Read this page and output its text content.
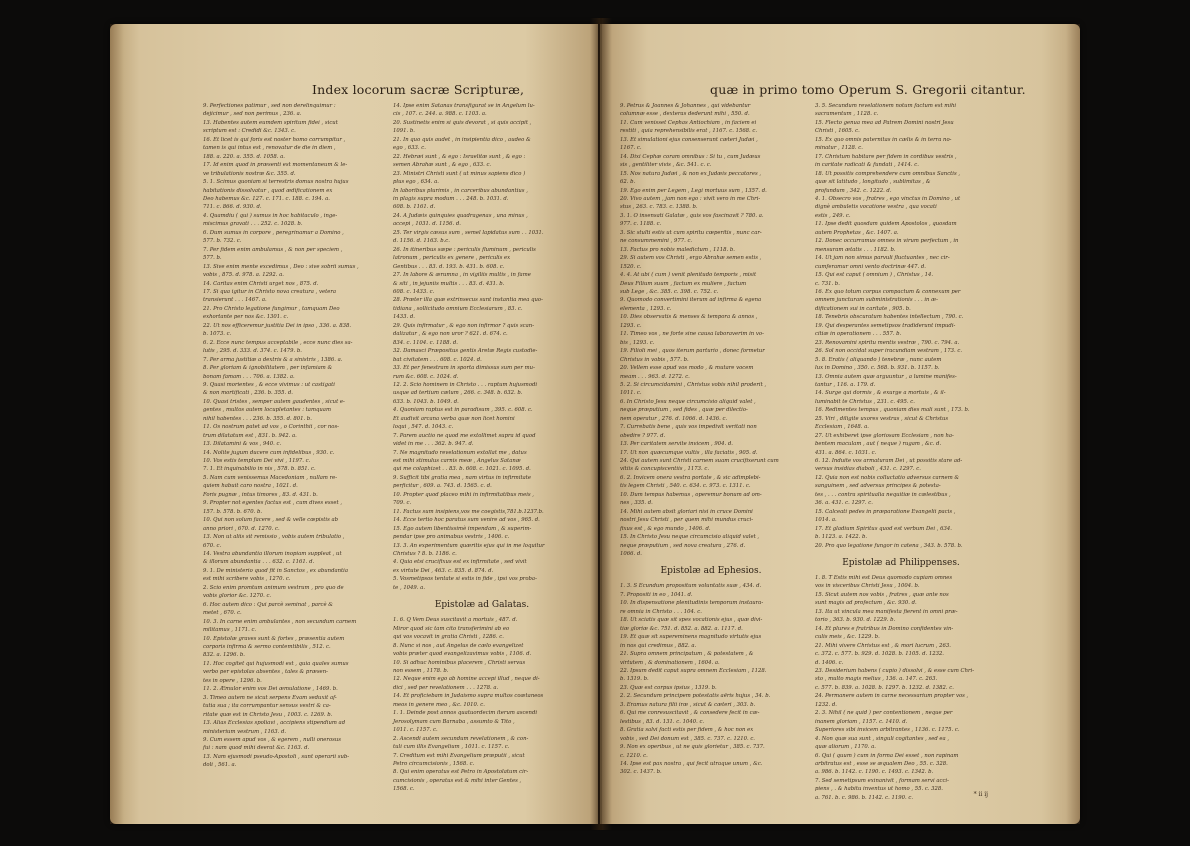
Index locorum sacræ Scripturæ,
9. Perfectiones patimur , sed non derelinquimur :
dejicimur , sed non perimus , 236. a.
13. Habentes autem eumdem spiritum fidei , sicut
scriptum est : Credidi &c. 1343. c.
16. Et licet is qui foris est noster homo corrumpitur ,
tamen is qui intus est , renovatur de die in diem ,
188. a. 220. a. 355. d. 1058. a.
17. Id enim quod in præsenti est momentaneum & le-
ve tribulationis nostræ &c. 355. d.
5. 1. Scimus quoniam si terrestris domus nostra hujus
habitationis dissolvatur , quod ædificationem ex
Deo habemus &c. 127. c. 171. c. 188. c. 194. a.
711. c. 866. d. 930. d.
4. Quamdiu ( qui ) sumus in hoc habitaculo , inge-
miscimus gravati . . . 252. c. 1028. b.
6. Dum sumus in corpore , peregrinamur a Domino ,
577. b. 732. c.
7. Per fidem enim ambulamus , & non per speciem ,
577. b.
13. Sive enim mente excedimus , Deo : sive sobrii sumus ,
vobis , 875. d. 978. a. 1292. a.
14. Caritas enim Christi urget nos , 875. d.
17. Si qua igitur in Christo nova creatura , vetera
transierunt . . . 1467. a.
21. Pro Christo legatione fungimur , tamquam Deo
exhortante per nos &c. 1301. c.
22. Ut nos efficeremur justitia Dei in ipso , 336. a. 838.
b. 1073. c.
6. 2. Ecce nunc tempus acceptabile , ecce nunc dies sa-
lutis , 295. d. 333. d. 374. c. 1479. b.
7. Per arma justitiæ a dextris & a sinistris , 1386. a.
8. Per gloriam & ignobilitatem , per infamiam &
bonam famam . . . 706. a. 1382. a.
9. Quasi morientes , & ecce vivimus : ut castigati
& non mortificati , 236. b. 355. d.
10. Quasi tristes , semper autem gaudentes , sicut e-
gentes , multos autem locupletantes : tamquam
nihil habentes . . . 236. b. 355. d. 801. b.
11. Os nostrum patet ad vos , o Corinthii , cor nos-
trum dilatatum est , 831. b. 942. a.
13. Dilatamini & vos , 940. c.
14. Nolite jugum ducere cum infidelibus , 930. c.
10. Vos estis templum Dei vivi , 1197. c.
7. 1. Et inquinabilio in nis , 578. b. 851. c.
5. Nam cum venissemus Macedoniam , nullam re-
quiem habuit caro nostra , 1021. d.
Foris pugnæ , intus timores , 83. d. 431. b.
9. Propter not egentes factus est , cum dives esset ,
157. b. 578. b. 670. b.
10. Qui non solum facere , sed & velle cœpistis ab
anno priori , 670. d. 1270. c.
13. Non ut aliis sit remissio , vobis autem tribulatio ,
670. c.
14. Vestra abundantia illorum inopiam suppleat , ut
& illorum abundantia . . . 632. c. 1161. d.
9. 1. De ministerio quod fit in Sanctos , ex abundantia
est mihi scribere vobis , 1270. c.
2. Scio enim promtum animum vestrum , pro quo de
vobis glorior &c. 1270. c.
6. Hoc autem dico : Qui parcè seminat , parcè &
metet , 670. c.
10. 3. In carne enim ambulantes , non secundum carnem
militamus , 1171. c.
10. Epistolæ graves sunt & fortes , præsentia autem
corporis infirma & sermo contemtibilis , 512. c.
832. a. 1296. b.
11. Hoc cogitet qui hujusmodi est , quia quales sumus
verbo per epistolas absentes , tales & præsen-
tes in opere , 1296. b.
11. 2. Æmulor enim vos Dei æmulatione , 1469. b.
3. Timeo autem ne sicut serpens Evam seduxit af-
tutia sua ; ita corrumpantur sensus vestri & ca-
ritate quæ est in Christo Jesu , 1003. c. 1269. b.
13. Alias Ecclesias spoliavi , accipiens stipendium ad
ministerium vestrum , 1163. d.
9. Cum essem apud vos , & egerem , nulli onerosus
fui : nam quod mihi deerat &c. 1163. d.
13. Nam ejusmodi pseudo-Apostoli , sunt operarii sub-
doli , 561. a.
14. Ipse enim Satanas transfigurat se in Angelum lu-
cis , 107. c. 244. a. 988. c. 1103. a.
20. Sustinetis enim si quis devorat , si quis accipit ,
1091. b.
21. In quo quis audet , in insipientia dico , audeo &
ego , 633. c.
22. Hebræi sunt , & ego : Israelitæ sunt , & ego :
semen Abrahæ sunt , & ego , 633. c.
23. Ministri Christi sunt ( ut minus sapiens dico )
plus ego , 634. a.
In laboribus plurimis , in carceribus abundantius ,
in plagis supra modum . . . 248. b. 1031. d.
608. b. 1161. d.
24. A Judæis quinquies quadragenas , una minus ,
accepi , 1031. d. 1156. d.
25. Ter virgis cæsus sum , semel lapidatus sum . . 1031.
d. 1156. d. 1163. b.c.
26. In itineribus sæpe : periculis fluminum , periculis
latronum , periculis ex genere , periculis ex
Gentibus . . . 83. d. 193. b. 431. b. 608. c.
27. In labore & ærumna , in vigiliis multis , in fame
& siti , in jejuniis multis . . . 83. d. 431. b.
608. c. 1433. c.
28. Præter illa quæ extrinsecus sunt instantia mea quo-
tidiana , sollicitudo omnium Ecclesiarum , 83. c.
1433. d.
29. Quis infirmatur , & ego non infirmor ? quis scan-
dalizatur , & ego non uror ? 621. d. 674. c.
834. c. 1104. c. 1188. d.
32. Damasci Præpositus gentis Aretæ Regis custodie-
bat civitatem . . . 608. c. 1024. d.
33. Et per fenestram in sporta dimissus sum per mu-
rum &c. 608. c. 1024. d.
12. 2. Scio hominem in Christo . . . raptum hujusmodi
usque ad tertium cælum , 266. c. 348. b. 632. b.
633. b. 1043. b. 1049. d.
4. Quoniam raptus est in paradisum , 395. c. 608. c.
Et audivit arcana verba quæ non licet homini
loqui , 547. d. 1043. c.
7. Parem auctio ne quod me extollimet supra id quod
videt in me . . . 362. b. 947. d.
7. Ne magnitudo revelationum extollat me , datus
est mihi stimulus carnis meæ , Angelus Satanæ
qui me colaphizet . . 83. b. 608. c. 1021. c. 1095. d.
9. Sufficit tibi gratia mea , nam virtus in infirmitate
perficitur , 609. a. 743. d. 1565. c. d.
10. Propter quod placeo mihi in infirmitatibus meis ,
709. c.
11. Factus sum insipiens,vos me coegistis,781.b.1237.b.
14. Ecce tertio hoc paratus sum venire ad vos , 965. d.
15. Ego autem libentissimè impendam , & superim-
pendar ipse pro animabus vestris , 1406. c.
13. 3. An experimentum quæritis ejus qui in me loquitur
Christus ? 8. b. 1186. c.
4. Quia etsi crucifixus est ex infirmitate , sed vivit
ex virtute Dei , 463. c. 835. d. 874. d.
5. Vosmetipsos tentate si estis in fide , ipsi vos proba-
te , 1049. a.
Epistolæ ad Galatas.
1. 6. Q Vem Deus suscitavit a mortuis , 487. d.
Miror quod sic tam cito transferimini ab eo
qui vos vocavit in gratia Christi , 1286. c.
8. Nunc si nos , aut Angelus de cælo evangelizet
vobis præter quod evangelizavimus vobis , 1106. d.
10. Si adhuc hominibus placerem , Christi servus
non essem , 1178. b.
12. Neque enim ego ab homine accepi illud , neque di-
dici , sed per revelationem . . . 1278. a.
14. Et proficiebam in Judaismo supra multos coætaneos
meos in genere meo , &c. 1010. c.
1. 1. Deinde post annos quatuordecim iterum ascendi
Jerosolymam cum Barnaba , assumto & Tito ,
1011. c. 1157. c.
2. Ascendi autem secundum revelationem , & con-
tuli cum illis Evangelium , 1011. c. 1157. c.
7. Creditum est mihi Evangelium præputii , sicut
Petro circumcisionis , 1568. c.
8. Qui enim operatus est Petro in Apostolatum cir-
cumcisionis , operatus est & mihi inter Gentes ,
1568. c.
quæ in primo tomo Operum S. Gregorii citantur.
9. Petrus & Joannes & Johannes , qui videbantur
columnæ esse , dexteras dederunt mihi , 550. d.
11. Cum venisset Cephas Antiochiam , in faciem ei
restiti , quia reprehensibilis erat , 1167. c. 1568. c.
13. Et simulationi ejus consenserunt cæteri Judæi ,
1167. c.
14. Dixi Cephæ coram omnibus : Si tu , cum Judæus
sis , gentiliter vivis , &c. 541. c. c.
15. Nos natura Judæi , & non ex Judæis peccatores ,
62. b.
19. Ego enim per Legem , Legi mortuus sum , 1357. d.
20. Vivo autem , jam non ego : vivit vero in me Chri-
stus , 263. c. 783. c. 1388. b.
3. 1. O insensati Galatæ , quis vos fascinavit ? 780. a.
977. c. 1188. c.
3. Sic stulti estis ut cum spiritu cœperitis , nunc car-
ne consummemini , 977. c.
13. Factus pro nobis maledictum , 1118. b.
29. Si autem vos Christi , ergo Abrahæ semen estis ,
1520. c.
4. 4. At ubi ( cum ) venit plenitudo temporis , misit
Deus Filium suum , factum ex muliere , factum
sub Lege , &c. 385. c. 398. c. 752. c.
9. Quomodo convertimini iterum ad infirma & egena
elementa , 1293. c.
10. Dies observatis & menses & tempora & annos ,
1293. c.
11. Timeo vos , ne forte sine causa laboraverim in vo-
bis , 1293. c.
19. Filioli mei , quos iterum parturio , donec formetur
Christus in vobis , 577. b.
20. Vellem esse apud vos modo , & mutare vocem
meam . . . 963. d. 1272. c.
5. 2. Si circumcidamini , Christus vobis nihil proderit ,
1011. c.
6. In Christo Jesu neque circumcisio aliquid valet ,
neque præputium , sed fides , quæ per dilectio-
nem operatur , 276. d. 1066. d. 1436. c.
7. Currebatis bene , quis vos impedivit veritati non
obedire ? 977. d.
13. Per caritatem servite invicem , 904. d.
17. Ut non quæcumque vultis , illa faciatis , 905. d.
24. Qui autem sunt Christi carnem suam crucifixerunt cum
vitiis & concupiscentiis , 1173. c.
6. 2. Invicem onera vestra portate , & sic adimplebi-
tis legem Christi , 540. c. 634. c. 973. c. 1311. c.
10. Dum tempus habemus , operemur bonum ad om-
nes , 335. d.
14. Mihi autem absit gloriari nisi in cruce Domini
nostri Jesu Christi , per quem mihi mundus cruci-
fixus est , & ego mundo , 1406. d.
15. In Christo Jesu neque circumcisio aliquid valet ,
neque præputium , sed nova creatura , 276. d.
1066. d.
Epistolæ ad Ephesios.
1. 3. S Ecundum propositum voluntatis suæ , 434. d.
7. Propositi in eo , 1041. d.
10. In dispensatione plenitudinis temporum instaura-
re omnia in Christo . . . 104. c.
18. Ut sciatis quæ sit spes vocationis ejus , quæ divi-
tiæ gloriæ &c. 751. d. 852. a. 882. a. 1117. d.
19. Et quæ sit supereminens magnitudo virtutis ejus
in nos qui credimus , 882. a.
21. Supra omnem principatum , & potestatem , &
virtutem , & dominationem , 1604. a.
22. Ipsum dedit caput supra omnem Ecclesiam , 1128.
b. 1319. b.
23. Quæ est corpus ipsius , 1319. b.
2. 2. Secundum principem potestatis aëris hujus , 34. b.
3. Eramus natura filii iræ , sicut & cæteri , 303. b.
6. Qui me conresuscitavit , & consedere fecit in cæ-
lestibus , 83. d. 131. c. 1040. c.
8. Gratia salvi facti estis per fidem , & hoc non ex
vobis , sed Dei donum est , 385. c. 737. c. 1210. c.
9. Non ex operibus , ut ne quis glorietur , 385. c. 737.
c. 1210. c.
14. Ipse est pax nostra , qui fecit utraque unum , &c.
302. c. 1437. b.
3. 5. Secundum revelationem notum factum est mihi
sacramentum , 1128. c.
15. Flecto genua mea ad Patrem Domini nostri Jesu
Christi , 1605. c.
15. Ex quo omnis paternitas in cælis & in terra no-
minatur , 1128. c.
17. Christum habitare per fidem in cordibus vestris ,
in caritate radicati & fundati , 1414. c.
18. Ut possitis comprehendere cum omnibus Sanctis ,
quæ sit latitudo , longitudo , sublimitas , &
profundum , 342. c. 1222. d.
4. 1. Obsecro vos , fratres , ego vinctus in Domino , ut
dignè ambuletis vocatione vestra , qua vocati
estis , 249. c.
11. Ipse dedit quosdam quidem Apostolos , quosdam
autem Prophetas , &c. 1407. a.
12. Donec occurramus omnes in virum perfectum , in
mensuram ætatis . . . 1182. b.
14. Ut jam non simus parvuli fluctuantes , nec cir-
cumferamur omni vento doctrinæ 447. d.
15. Qui est caput ( omnium ) , Christus , 14.
c. 731. b.
16. Ex quo totum corpus compactum & connexum per
omnem juncturam subministrationis . . . in æ-
dificationem sui in caritate , 905. b.
18. Tenebris obscuratum habentes intellectum , 790. c.
19. Qui desperantes semetipsos tradiderunt impudi-
citiæ in operationem . . . 557. b.
23. Renovamini spiritu mentis vestræ , 790. c. 794. a.
26. Sol non occidat super iracundiam vestram , 173. c.
5. 8. Eratis ( aliquando ) tenebræ , nunc autem
lux in Domino , 350. c. 568. b. 931. b. 1157. b.
13. Omnia autem quæ arguuntur , a lumine manifes-
tantur , 116. a. 179. d.
14. Surge qui dormis , & exurge a mortuis , & il-
luminabit te Christus , 231. c. 495. c.
16. Redimentes tempus , quoniam dies mali sunt , 173. b.
25. Viri , diligite uxores vestras , sicut & Christus
Ecclesiam , 1648. a.
27. Ut exhiberet ipse gloriosam Ecclesiam , non ha-
bentem maculam , aut ( neque ) rugam , &c. d.
431. a. 864. c. 1031. c.
6. 12. Induite vos armaturam Dei , ut possitis stare ad-
versus insidias diaboli , 431. c. 1297. c.
12. Quia non est nobis colluctatio adversus carnem &
sanguinem , sed adversus principes & potesta-
tes , . . . contra spiritualia nequitiæ in cælestibus ,
36. a. 431. c. 1297. c.
15. Calceati pedes in præparatione Evangelii pacis ,
1014. a.
17. Et gladium Spiritus quod est verbum Dei , 634.
b. 1123. a. 1422. b.
20. Pro quo legatione fungor in catena , 343. b. 578. b.
Epistolæ ad Philippenses.
1. 8. T Estis mihi est Deus quomodo cupiam omnes
vos in visceribus Christi Jesu , 1004. b.
15. Sicut autem nos vobis , fratres , quæ ante nos
sunt magis ad profectum , &c. 930. d.
13. Ita ut vincula mea manifesta fierent in omni præ-
torio , 363. b. 930. d. 1229. b.
14. Et plures e fratribus in Domino confidentes vin-
culis meis , &c. 1229. b.
21. Mihi vivere Christus est , & mori lucrum , 263.
c. 372. c. 577. b. 929. d. 1028. b. 1105. d. 1232.
d. 1406. c.
23. Desiderium habens ( cupio ) dissolvi , & esse cum Chri-
sto , multo magis melius , 136. a. 147. c. 263.
c. 577. b. 839. a. 1028. b. 1297. b. 1232. d. 1382. c.
24. Permanere autem in carne necessarium propter vos ,
1232. d.
2. 3. Nihil ( ne quid ) per contentionem , neque per
inanem gloriam , 1157. c. 1410. d.
Superiores sibi invicem arbitrantes , 1136. c. 1175. c.
4. Non quæ sua sunt , singuli cogitantes , sed ea ,
quæ aliorum , 1170. a.
6. Qui ( quum ) cum in forma Dei esset , non rapinam
arbitratus est , esse se æqualem Deo , 55. c. 328.
a. 986. b. 1142. c. 1190. c. 1493. c. 1342. b.
7. Sed semetipsum exinanivit , formam servi acci-
piens , . & habitu inventus ut homo , 55. c. 328.
a. 761. b. c. 986. b. 1142. c. 1190. c.	* ii ij
